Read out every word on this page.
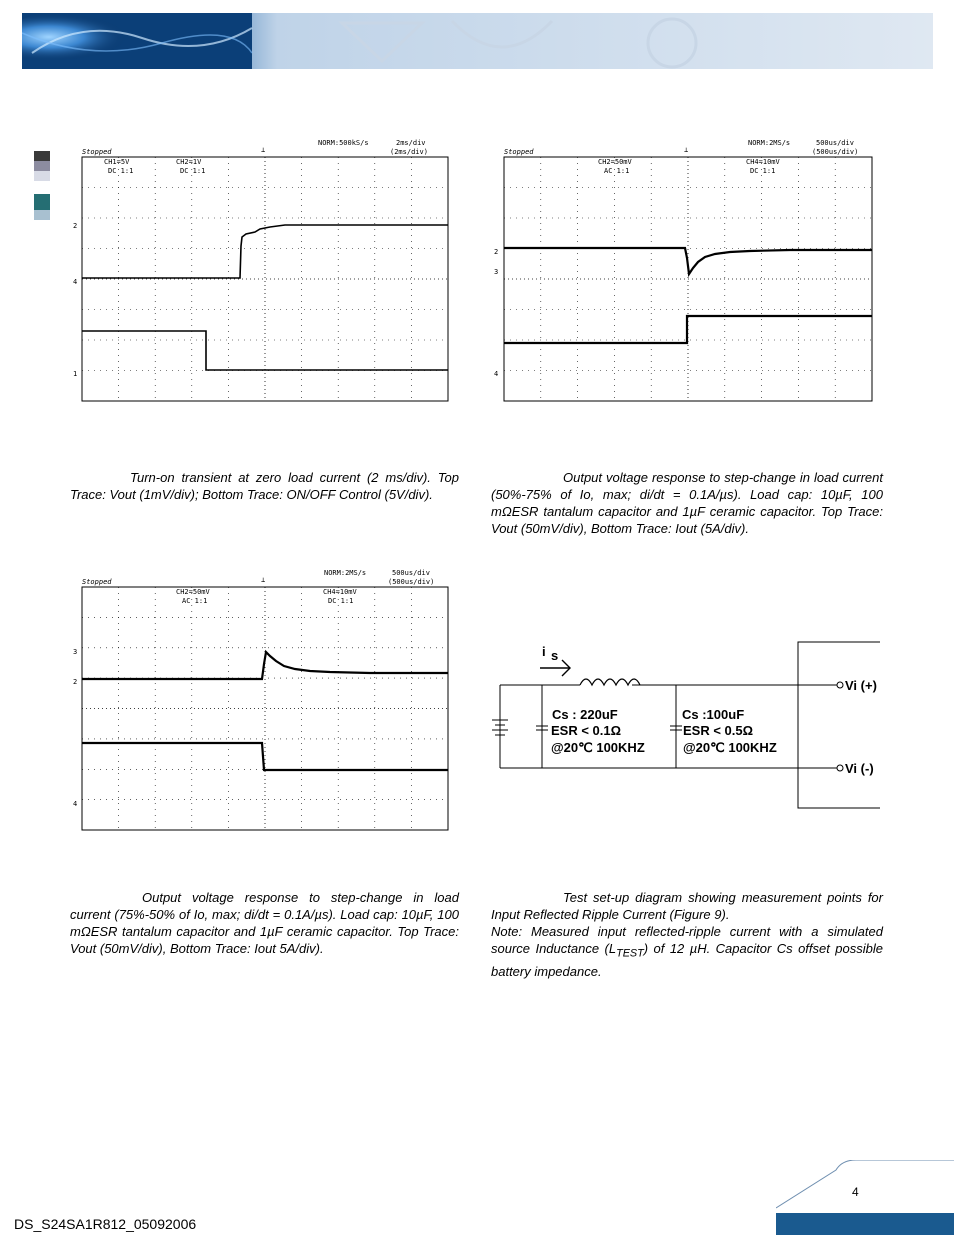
Stopped
NORM:500kS/s	2ms/div
(2ms/div)
CH1=5V
DC 1:1
CH2=1V
DC 1:1
⊥
2
4
1
Stopped
NORM:2MS/s	500us/div
(500us/div)
CH2=50mV
AC 1:1
CH4=10mV
DC 1:1
⊥
2
3
4

Turn-on transient at zero load current (2 ms/div). Top Trace: Vout (1mV/div); Bottom Trace: ON/OFF Control (5V/div).

Output voltage response to step-change in load current (50%-75% of Io, max; di/dt = 0.1A/µs). Load cap: 10µF, 100 mΩESR tantalum capacitor and 1µF ceramic capacitor. Top Trace: Vout (50mV/div), Bottom Trace: Iout (5A/div).

Stopped
NORM:2MS/s	500us/div
(500us/div)
CH2=50mV
AC 1:1
CH4=10mV
DC 1:1
⊥
3
2
4
i s
Cs : 220uF
ESR < 0.1Ω
@20℃ 100KHZ
Cs :100uF
ESR < 0.5Ω
@20℃ 100KHZ
Vi (+)
Vi (-)

Output voltage response to step-change in load current (75%-50% of Io, max; di/dt = 0.1A/µs). Load cap: 10µF, 100 mΩESR tantalum capacitor and 1µF ceramic capacitor. Top Trace: Vout (50mV/div), Bottom Trace: Iout 5A/div).

Test set-up diagram showing measurement points for Input Reflected Ripple Current (Figure 9).

Note: Measured input reflected-ripple current with a simulated source Inductance $(L_{TEST})$ of 12 µH. Capacitor Cs offset possible battery impedance.

4
DS_S24SA1R812_05092006
